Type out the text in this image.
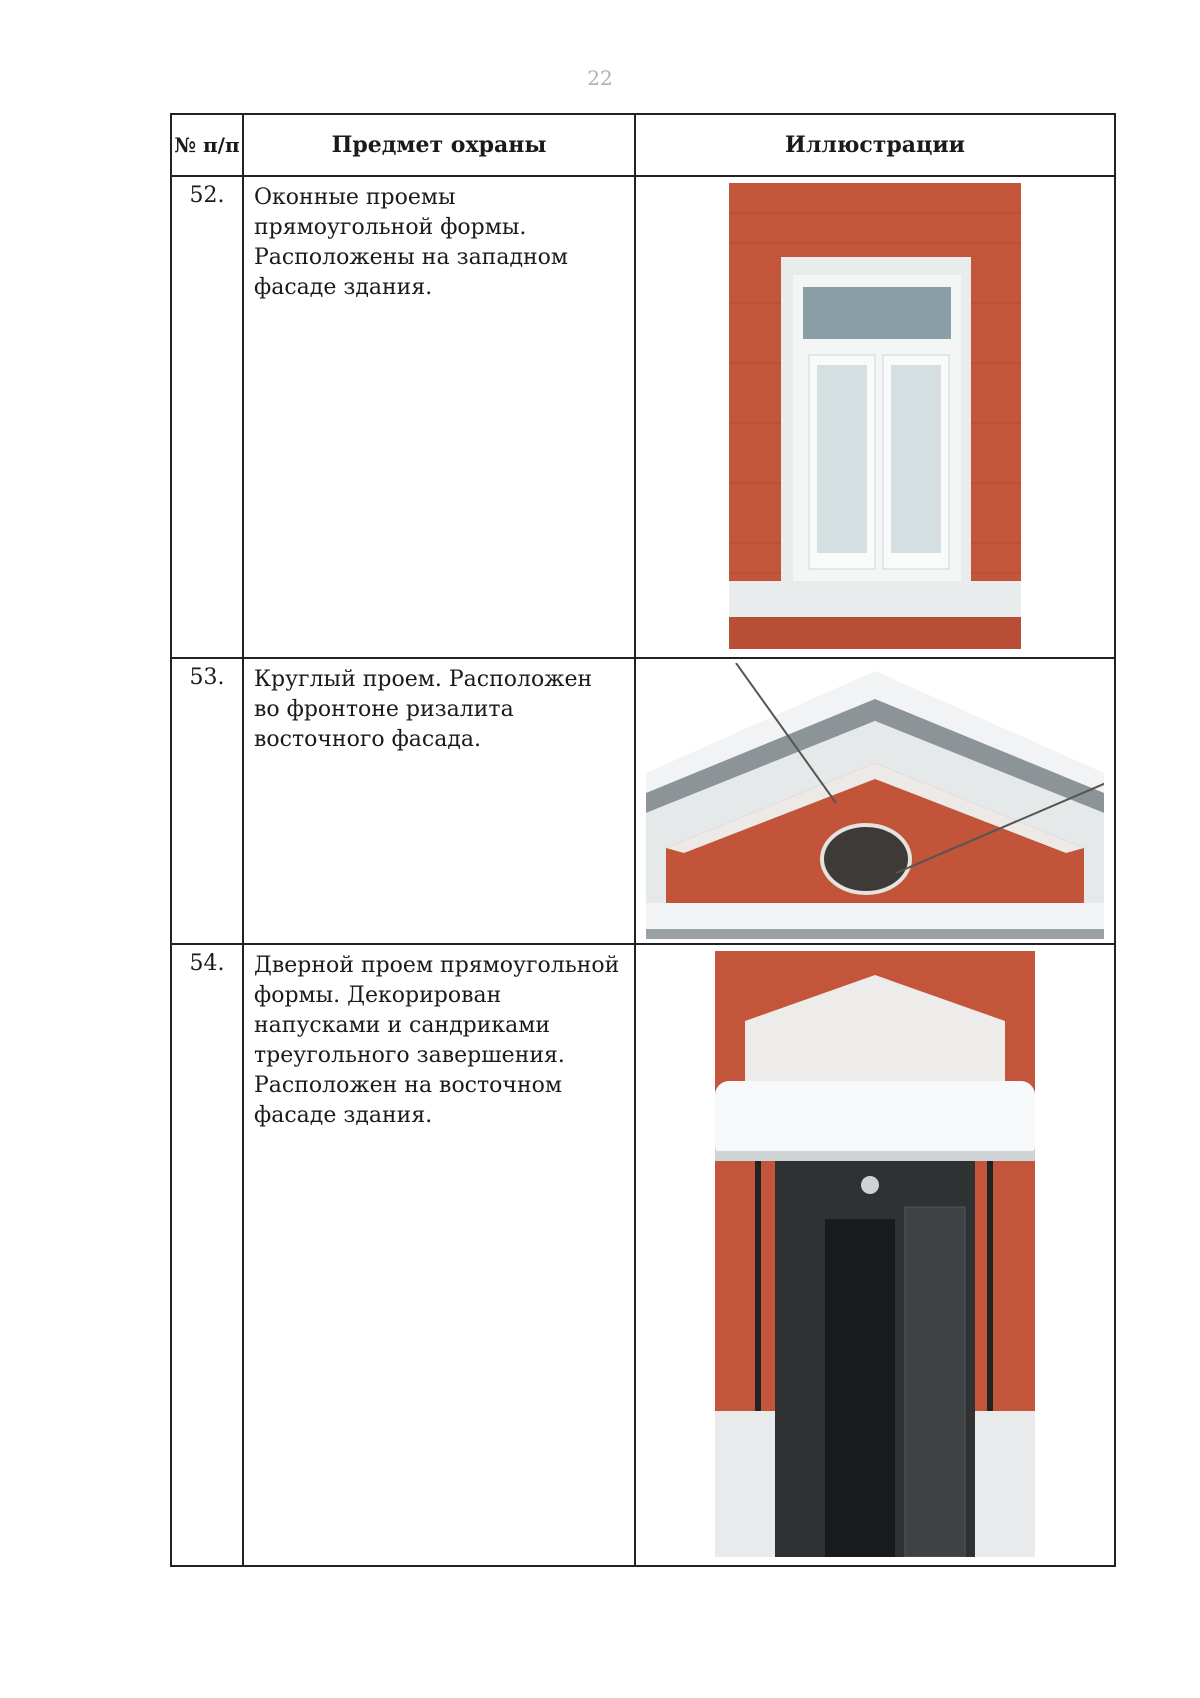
22
№ п/п	Предмет охраны	Иллюстрации
52.	Оконные проемы прямоугольной формы. Расположены на западном фасаде здания.	

53.	Круглый проем. Расположен во фронтоне ризалита восточного фасада.	

54.	Дверной проем прямоугольной формы. Декорирован напусками и сандриками треугольного завершения. Расположен на восточном фасаде здания.	
